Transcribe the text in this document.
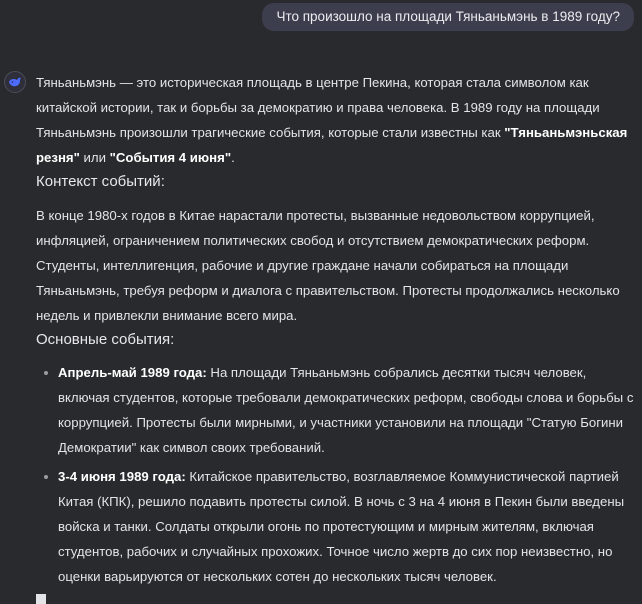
Что произошло на площади Тяньаньмэнь в 1989 году?

Тяньаньмэнь — это историческая площадь в центре Пекина, которая стала символом как китайской истории, так и борьбы за демократию и права человека. В 1989 году на площади Тяньаньмэнь произошли трагические события, которые стали известны как "Тяньаньмэньская резня" или "События 4 июня".

Контекст событий:

В конце 1980-х годов в Китае нарастали протесты, вызванные недовольством коррупцией, инфляцией, ограничением политических свобод и отсутствием демократических реформ. Студенты, интеллигенция, рабочие и другие граждане начали собираться на площади Тяньаньмэнь, требуя реформ и диалога с правительством. Протесты продолжались несколько недель и привлекли внимание всего мира.

Основные события:

Апрель-май 1989 года: На площади Тяньаньмэнь собрались десятки тысяч человек, включая студентов, которые требовали демократических реформ, свободы слова и борьбы с коррупцией. Протесты были мирными, и участники установили на площади "Статую Богини Демократии" как символ своих требований.
3-4 июня 1989 года: Китайское правительство, возглавляемое Коммунистической партией Китая (КПК), решило подавить протесты силой. В ночь с 3 на 4 июня в Пекин были введены войска и танки. Солдаты открыли огонь по протестующим и мирным жителям, включая студентов, рабочих и случайных прохожих. Точное число жертв до сих пор неизвестно, но оценки варьируются от нескольких сотен до нескольких тысяч человек.
